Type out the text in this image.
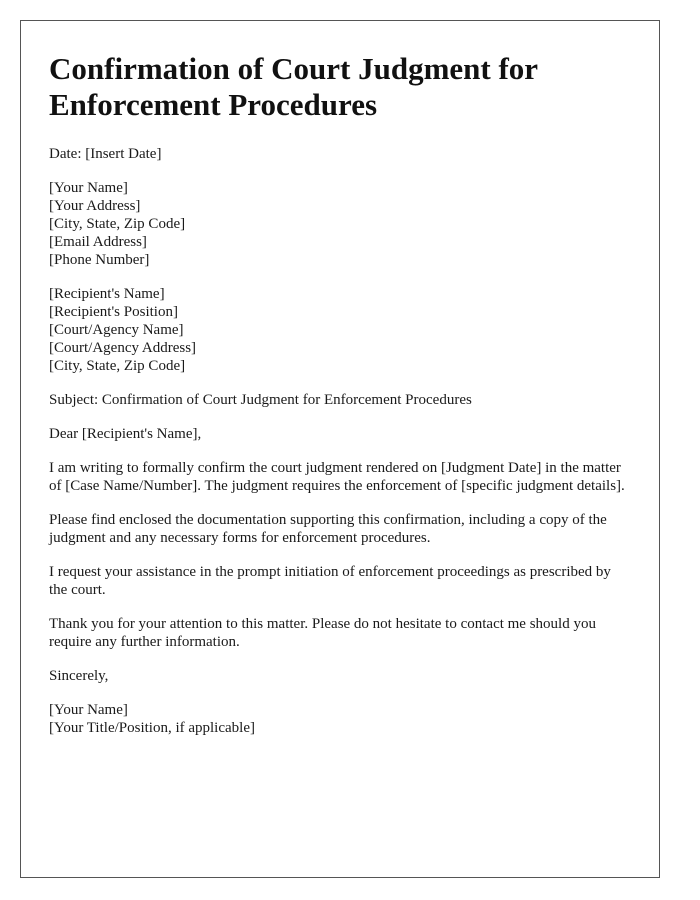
Confirmation of Court Judgment for Enforcement Procedures

Date: [Insert Date]

[Your Name]
[Your Address]
[City, State, Zip Code]
[Email Address]
[Phone Number]
[Recipient's Name]
[Recipient's Position]
[Court/Agency Name]
[Court/Agency Address]
[City, State, Zip Code]

Subject: Confirmation of Court Judgment for Enforcement Procedures

Dear [Recipient's Name],

I am writing to formally confirm the court judgment rendered on [Judgment Date] in the matter of [Case Name/Number]. The judgment requires the enforcement of [specific judgment details].

Please find enclosed the documentation supporting this confirmation, including a copy of the judgment and any necessary forms for enforcement procedures.

I request your assistance in the prompt initiation of enforcement proceedings as prescribed by the court.

Thank you for your attention to this matter. Please do not hesitate to contact me should you require any further information.

Sincerely,

[Your Name]
[Your Title/Position, if applicable]
